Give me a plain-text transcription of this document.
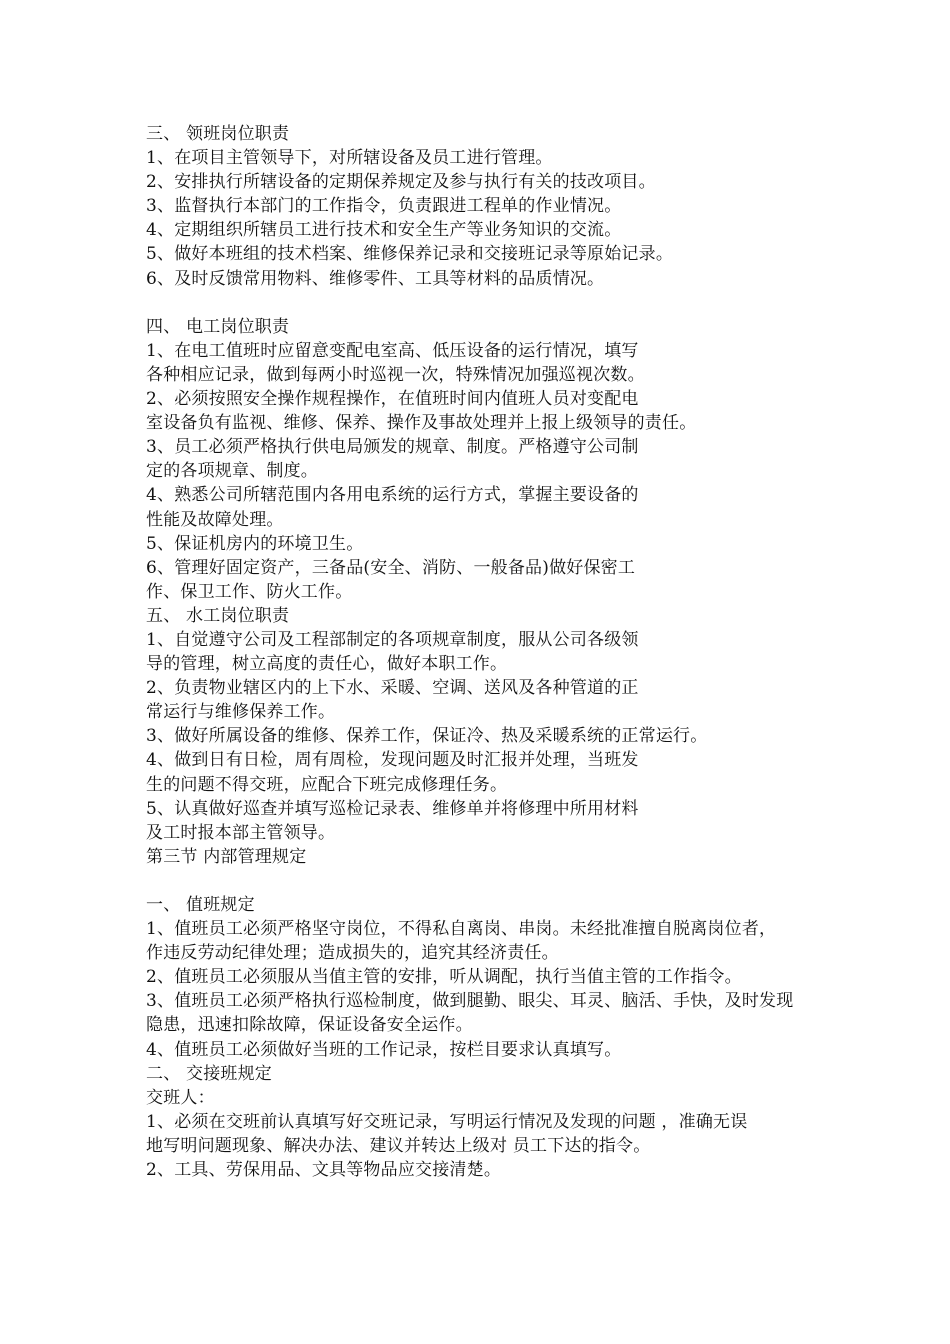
三、 领班岗位职责
1、在项目主管领导下，对所辖设备及员工进行管理。
2、安排执行所辖设备的定期保养规定及参与执行有关的技改项目。
3、监督执行本部门的工作指令，负责跟进工程单的作业情况。
4、定期组织所辖员工进行技术和安全生产等业务知识的交流。
5、做好本班组的技术档案、维修保养记录和交接班记录等原始记录。
6、及时反馈常用物料、维修零件、工具等材料的品质情况。
四、 电工岗位职责
1、在电工值班时应留意变配电室高、低压设备的运行情况，填写
各种相应记录，做到每两小时巡视一次，特殊情况加强巡视次数。
2、必须按照安全操作规程操作，在值班时间内值班人员对变配电
室设备负有监视、维修、保养、操作及事故处理并上报上级领导的责任。
3、员工必须严格执行供电局颁发的规章、制度。严格遵守公司制
定的各项规章、制度。
4、熟悉公司所辖范围内各用电系统的运行方式，掌握主要设备的
性能及故障处理。
5、保证机房内的环境卫生。
6、管理好固定资产，三备品(安全、消防、一般备品)做好保密工
作、保卫工作、防火工作。
五、 水工岗位职责
1、自觉遵守公司及工程部制定的各项规章制度，服从公司各级领
导的管理，树立高度的责任心，做好本职工作。
2、负责物业辖区内的上下水、采暖、空调、送风及各种管道的正
常运行与维修保养工作。
3、做好所属设备的维修、保养工作，保证冷、热及采暖系统的正常运行。
4、做到日有日检，周有周检，发现问题及时汇报并处理，当班发
生的问题不得交班，应配合下班完成修理任务。
5、认真做好巡查并填写巡检记录表、维修单并将修理中所用材料
及工时报本部主管领导。
第三节 内部管理规定
一、 值班规定
1、值班员工必须严格坚守岗位，不得私自离岗、串岗。未经批准擅自脱离岗位者，
作违反劳动纪律处理；造成损失的，追究其经济责任。
2、值班员工必须服从当值主管的安排，听从调配，执行当值主管的工作指令。
3、值班员工必须严格执行巡检制度，做到腿勤、眼尖、耳灵、脑活、手快，及时发现
隐患，迅速扣除故障，保证设备安全运作。
4、值班员工必须做好当班的工作记录，按栏目要求认真填写。
二、 交接班规定
交班人：
1、必须在交班前认真填写好交班记录，写明运行情况及发现的问题 ，准确无误
地写明问题现象、解决办法、建议并转达上级对 员工下达的指令。
2、工具、劳保用品、文具等物品应交接清楚。
